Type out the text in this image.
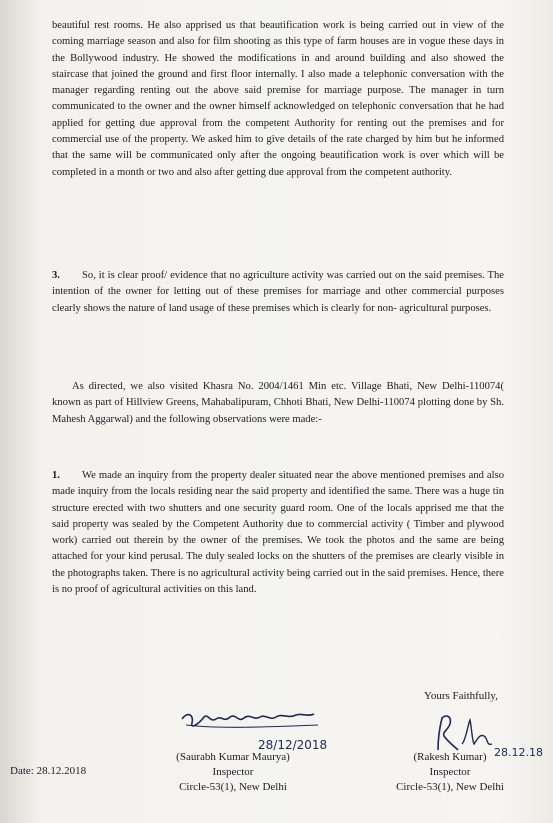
beautiful rest rooms. He also apprised us that beautification work is being carried out in view of the coming marriage season and also for film shooting as this type of farm houses are in vogue these days in the Bollywood industry. He showed the modifications in and around building and also showed the staircase that joined the ground and first floor internally. I also made a telephonic conversation with the manager regarding renting out the above said premise for marriage purpose. The manager in turn communicated to the owner and the owner himself acknowledged on telephonic conversation that he had applied for getting due approval from the competent Authority for renting out the premises and for commercial use of the property. We asked him to give details of the rate charged by him but he informed that the same will be communicated only after the ongoing beautification work is over which will be completed in a month or two and also after getting due approval from the competent authority.

3. So, it is clear proof/ evidence that no agriculture activity was carried out on the said premises. The intention of the owner for letting out of these premises for marriage and other commercial purposes clearly shows the nature of land usage of these premises which is clearly for non- agricultural purposes.

As directed, we also visited Khasra No. 2004/1461 Min etc. Village Bhati, New Delhi-110074( known as part of Hillview Greens, Mahabalipuram, Chhoti Bhati, New Delhi-110074 plotting done by Sh. Mahesh Aggarwal) and the following observations were made:-

1. We made an inquiry from the property dealer situated near the above mentioned premises and also made inquiry from the locals residing near the said property and identified the same. There was a huge tin structure erected with two shutters and one security guard room. One of the locals apprised me that the said property was sealed by the Competent Authority due to commercial activity ( Timber and plywood work) carried out therein by the owner of the premises. We took the photos and the same are being attached for your kind perusal. The duly sealed locks on the shutters of the premises are clearly visible in the photographs taken. There is no agricultural activity being carried out in the said premises. Hence, there is no proof of agricultural activities on this land.

Yours Faithfully,
28/12/2018
28.12.18
(Saurabh Kumar Maurya)
Inspector
Circle-53(1), New Delhi
(Rakesh Kumar)
Inspector
Circle-53(1), New Delhi
Date: 28.12.2018
